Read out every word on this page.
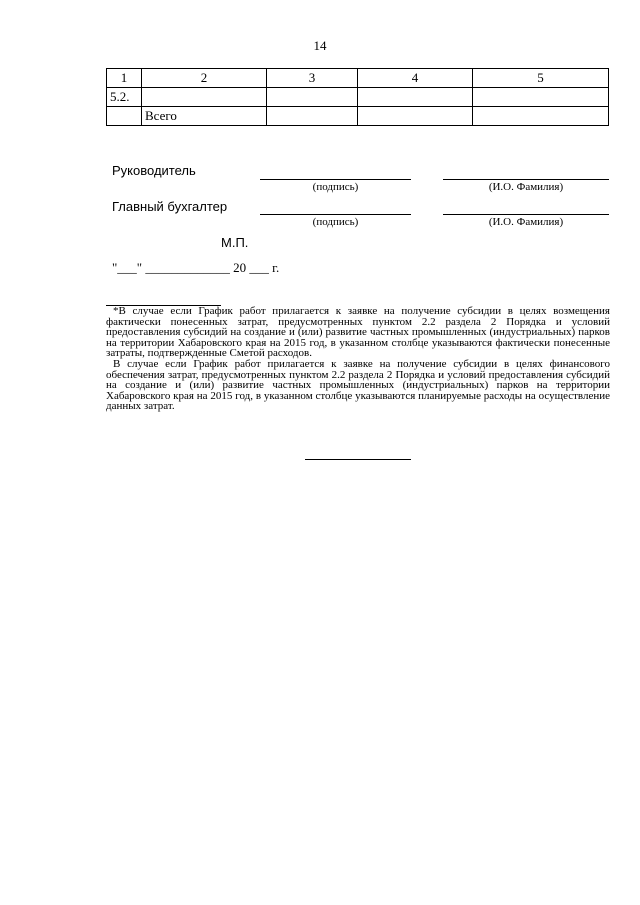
14
1	2	3	4	5
5.2.				
	Всего			
Руководитель
(подпись)	(И.О. Фамилия)
Главный бухгалтер
(подпись)	(И.О. Фамилия)
М.П.
"___" _____________ 20 ___ г.

*В случае если График работ прилагается к заявке на получение субсидии в целях возмещения фактически понесенных затрат, предусмотренных пунктом 2.2 раздела 2 Порядка и условий предоставления субсидий на создание и (или) развитие частных промышленных (индустриальных) парков на территории Хабаровского края на 2015 год, в указанном столбце указываются фактически понесенные затраты, подтвержденные Сметой расходов.

В случае если График работ прилагается к заявке на получение субсидии в целях финансового обеспечения затрат, предусмотренных пунктом 2.2 раздела 2 Порядка и условий предоставления субсидий на создание и (или) развитие частных промышленных (индустриальных) парков на территории Хабаровского края на 2015 год, в указанном столбце указываются планируемые расходы на осуществление данных затрат.
